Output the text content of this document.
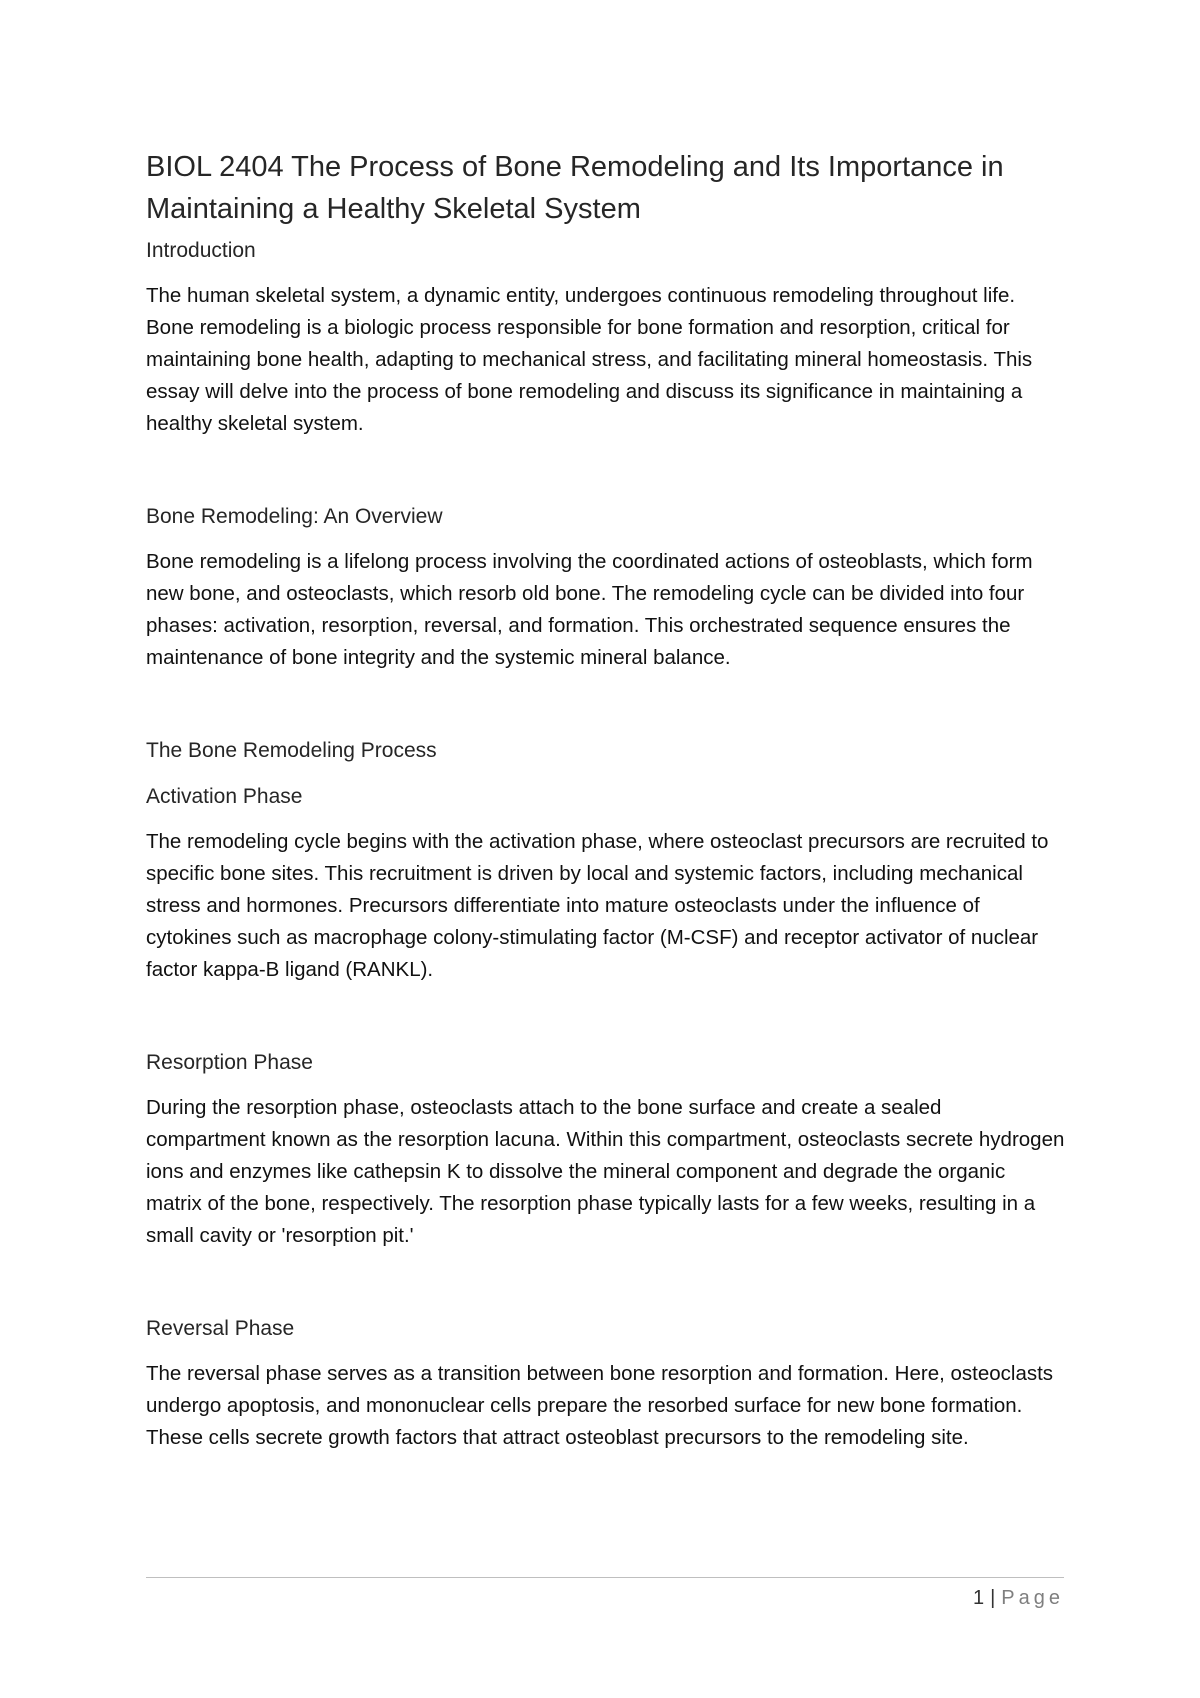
BIOL 2404 The Process of Bone Remodeling and Its Importance in Maintaining a Healthy Skeletal System
Introduction

The human skeletal system, a dynamic entity, undergoes continuous remodeling throughout life. Bone remodeling is a biologic process responsible for bone formation and resorption, critical for maintaining bone health, adapting to mechanical stress, and facilitating mineral homeostasis. This essay will delve into the process of bone remodeling and discuss its significance in maintaining a healthy skeletal system.

Bone Remodeling: An Overview

Bone remodeling is a lifelong process involving the coordinated actions of osteoblasts, which form new bone, and osteoclasts, which resorb old bone. The remodeling cycle can be divided into four phases: activation, resorption, reversal, and formation. This orchestrated sequence ensures the maintenance of bone integrity and the systemic mineral balance.

The Bone Remodeling Process
Activation Phase

The remodeling cycle begins with the activation phase, where osteoclast precursors are recruited to specific bone sites. This recruitment is driven by local and systemic factors, including mechanical stress and hormones. Precursors differentiate into mature osteoclasts under the influence of cytokines such as macrophage colony-stimulating factor (M-CSF) and receptor activator of nuclear factor kappa-B ligand (RANKL).

Resorption Phase

During the resorption phase, osteoclasts attach to the bone surface and create a sealed compartment known as the resorption lacuna. Within this compartment, osteoclasts secrete hydrogen ions and enzymes like cathepsin K to dissolve the mineral component and degrade the organic matrix of the bone, respectively. The resorption phase typically lasts for a few weeks, resulting in a small cavity or 'resorption pit.'

Reversal Phase

The reversal phase serves as a transition between bone resorption and formation. Here, osteoclasts undergo apoptosis, and mononuclear cells prepare the resorbed surface for new bone formation. These cells secrete growth factors that attract osteoblast precursors to the remodeling site.

1 | Page
